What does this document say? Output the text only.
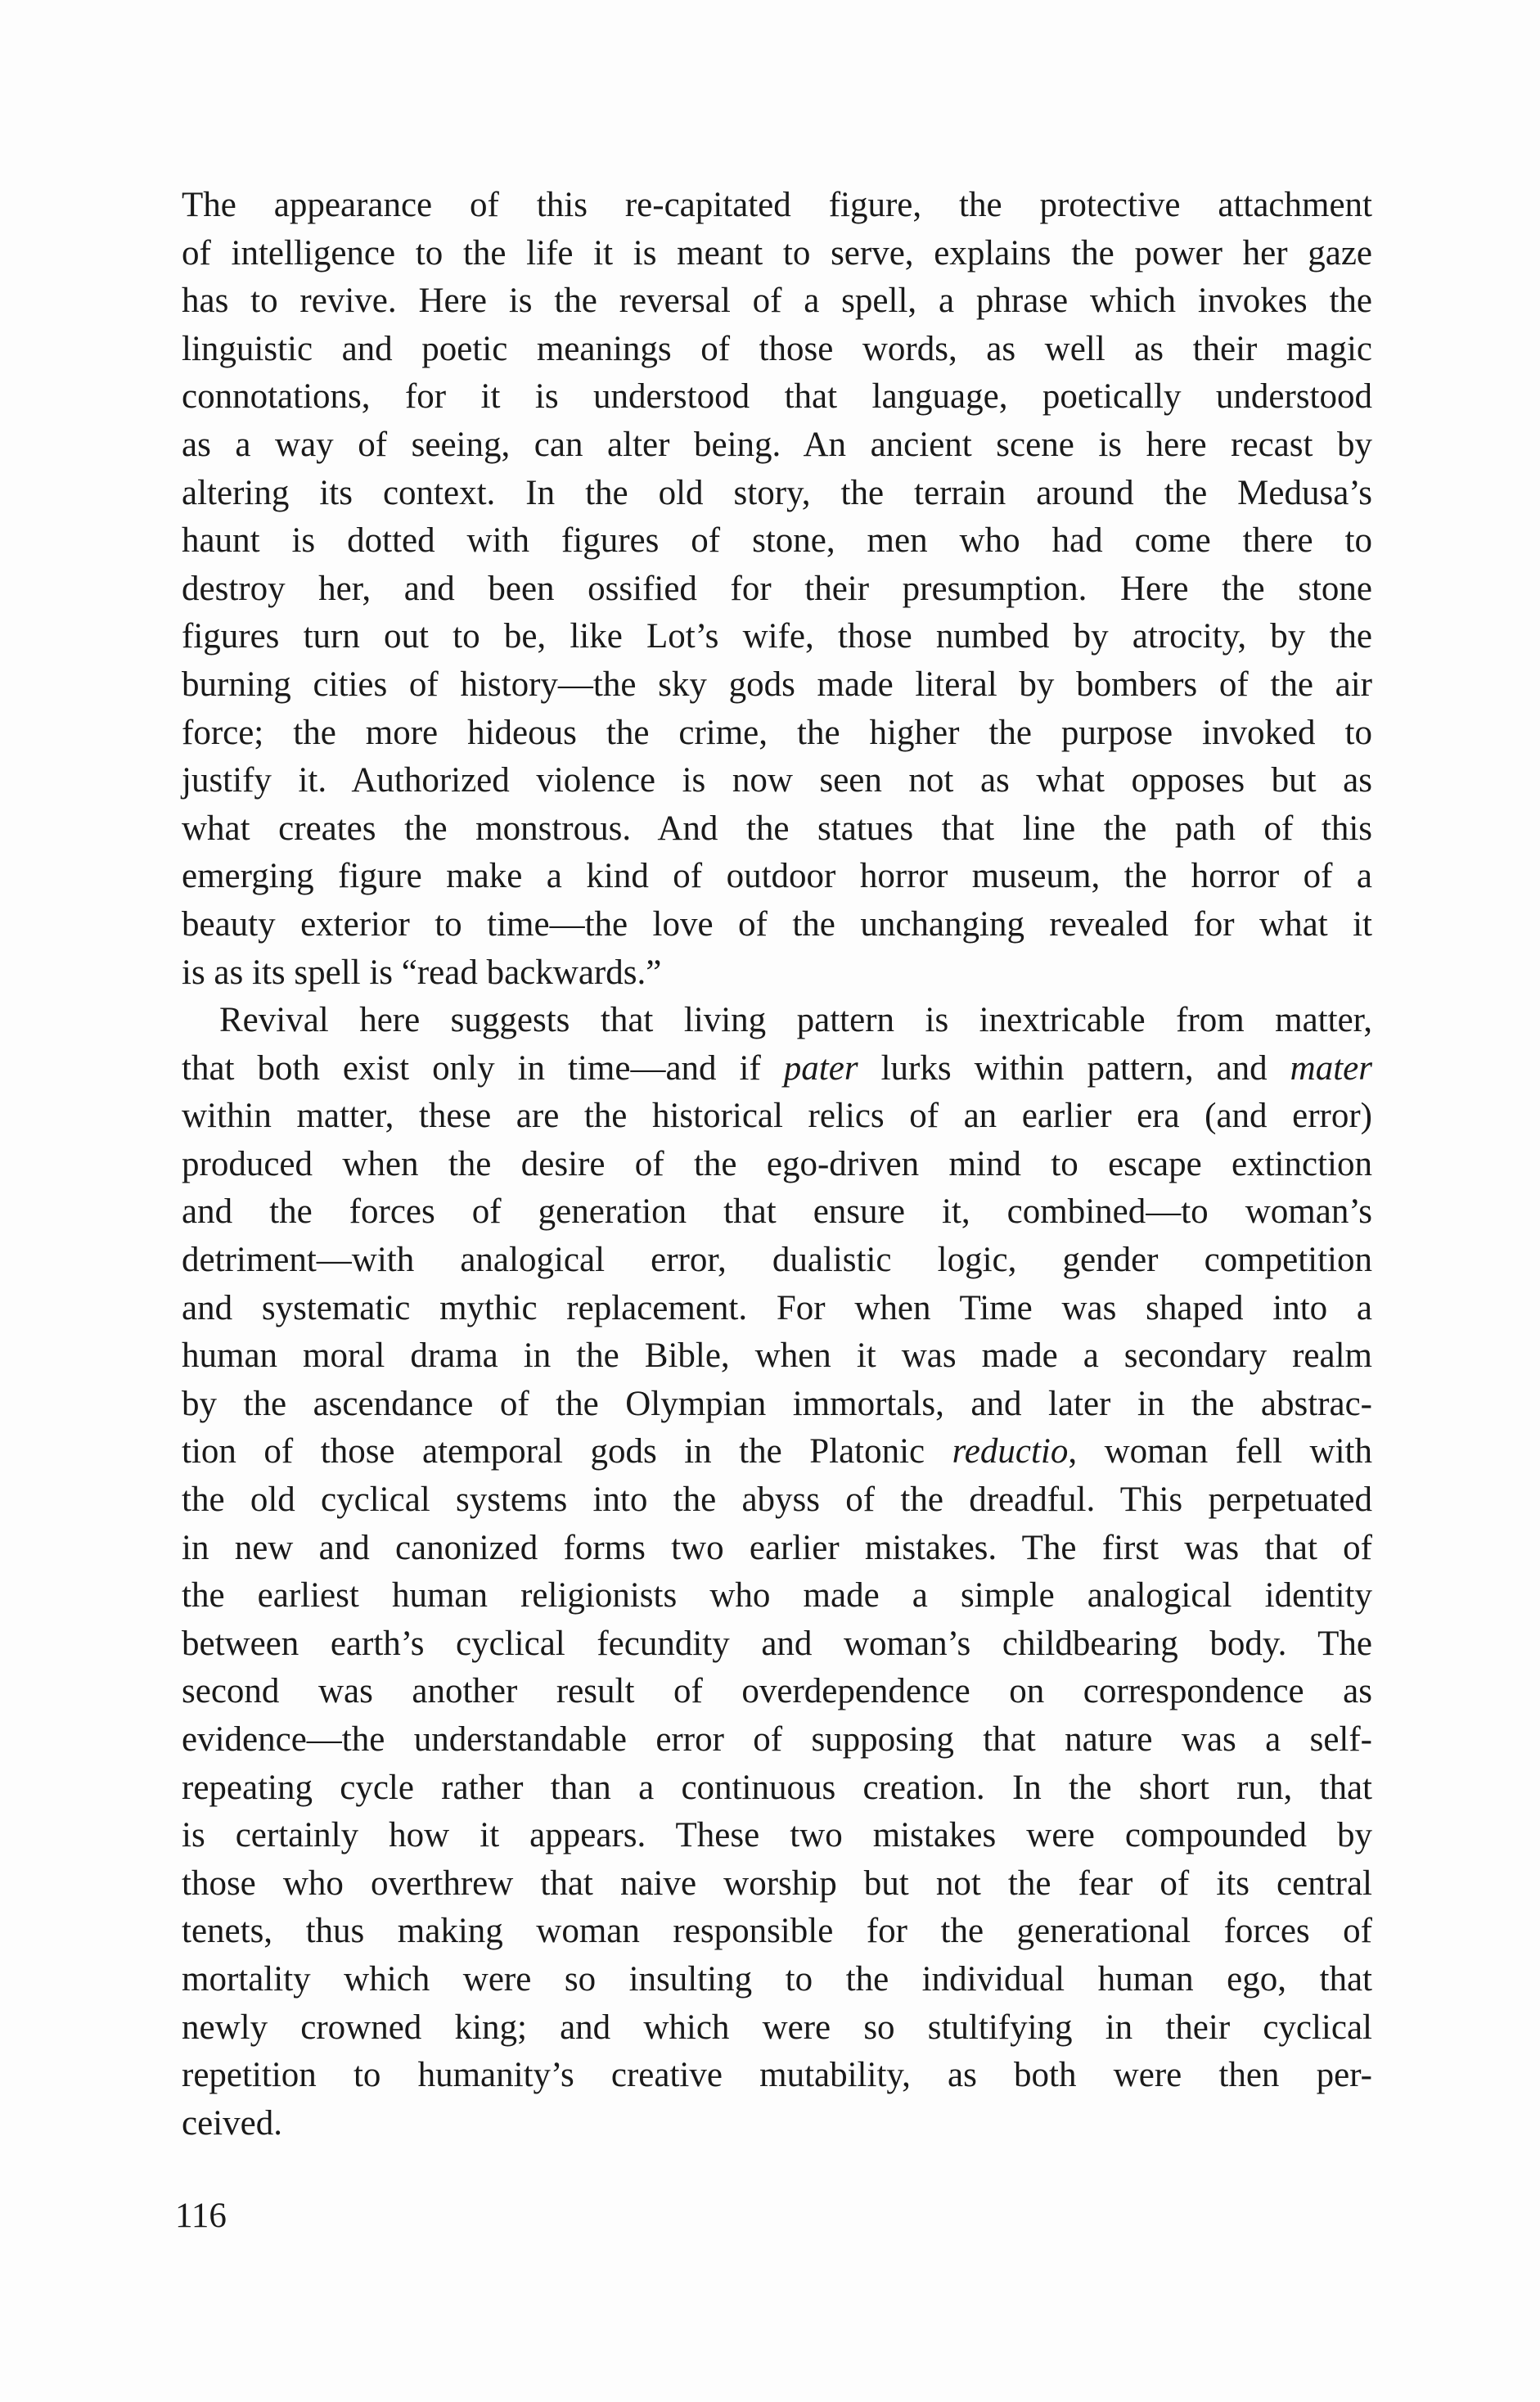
The appearance of this re-capitated figure, the protective attachment
of intelligence to the life it is meant to serve, explains the power her gaze
has to revive. Here is the reversal of a spell, a phrase which invokes the
linguistic and poetic meanings of those words, as well as their magic
connotations, for it is understood that language, poetically understood
as a way of seeing, can alter being. An ancient scene is here recast by
altering its context. In the old story, the terrain around the Medusa’s
haunt is dotted with figures of stone, men who had come there to
destroy her, and been ossified for their presumption. Here the stone
figures turn out to be, like Lot’s wife, those numbed by atrocity, by the
burning cities of history—the sky gods made literal by bombers of the air
force; the more hideous the crime, the higher the purpose invoked to
justify it. Authorized violence is now seen not as what opposes but as
what creates the monstrous. And the statues that line the path of this
emerging figure make a kind of outdoor horror museum, the horror of a
beauty exterior to time—the love of the unchanging revealed for what it
is as its spell is “read backwards.”
Revival here suggests that living pattern is inextricable from matter,
that both exist only in time—and if pater lurks within pattern, and mater
within matter, these are the historical relics of an earlier era (and error)
produced when the desire of the ego-driven mind to escape extinction
and the forces of generation that ensure it, combined—to woman’s
detriment—with analogical error, dualistic logic, gender competition
and systematic mythic replacement. For when Time was shaped into a
human moral drama in the Bible, when it was made a secondary realm
by the ascendance of the Olympian immortals, and later in the abstrac-
tion of those atemporal gods in the Platonic reductio, woman fell with
the old cyclical systems into the abyss of the dreadful. This perpetuated
in new and canonized forms two earlier mistakes. The first was that of
the earliest human religionists who made a simple analogical identity
between earth’s cyclical fecundity and woman’s childbearing body. The
second was another result of overdependence on correspondence as
evidence—the understandable error of supposing that nature was a self-
repeating cycle rather than a continuous creation. In the short run, that
is certainly how it appears. These two mistakes were compounded by
those who overthrew that naive worship but not the fear of its central
tenets, thus making woman responsible for the generational forces of
mortality which were so insulting to the individual human ego, that
newly crowned king; and which were so stultifying in their cyclical
repetition to humanity’s creative mutability, as both were then per-
ceived.
116
